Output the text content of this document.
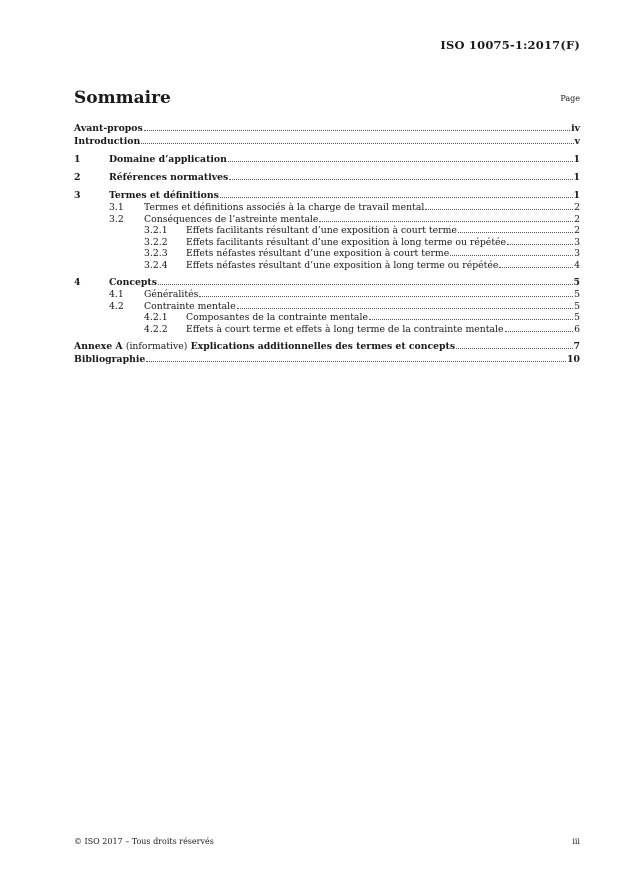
ISO 10075-1:2017(F)
Sommaire	Page
Avant-propos	iv
Introduction	v
1	Domaine d’application	1
2	Références normatives	1
3	Termes et définitions	1
3.1	Termes et définitions associés à la charge de travail mental	2
3.2	Conséquences de l’astreinte mentale	2
3.2.1	Effets facilitants résultant d’une exposition à court terme	2
3.2.2	Effets facilitants résultant d’une exposition à long terme ou répétée	3
3.2.3	Effets néfastes résultant d’une exposition à court terme	3
3.2.4	Effets néfastes résultant d’une exposition à long terme ou répétée	4
4	Concepts	5
4.1	Généralités	5
4.2	Contrainte mentale	5
4.2.1	Composantes de la contrainte mentale	5
4.2.2	Effets à court terme et effets à long terme de la contrainte mentale	6
Annexe A (informative) Explications additionnelles des termes et concepts	7
Bibliographie	10
© ISO 2017 – Tous droits réservés	iii
